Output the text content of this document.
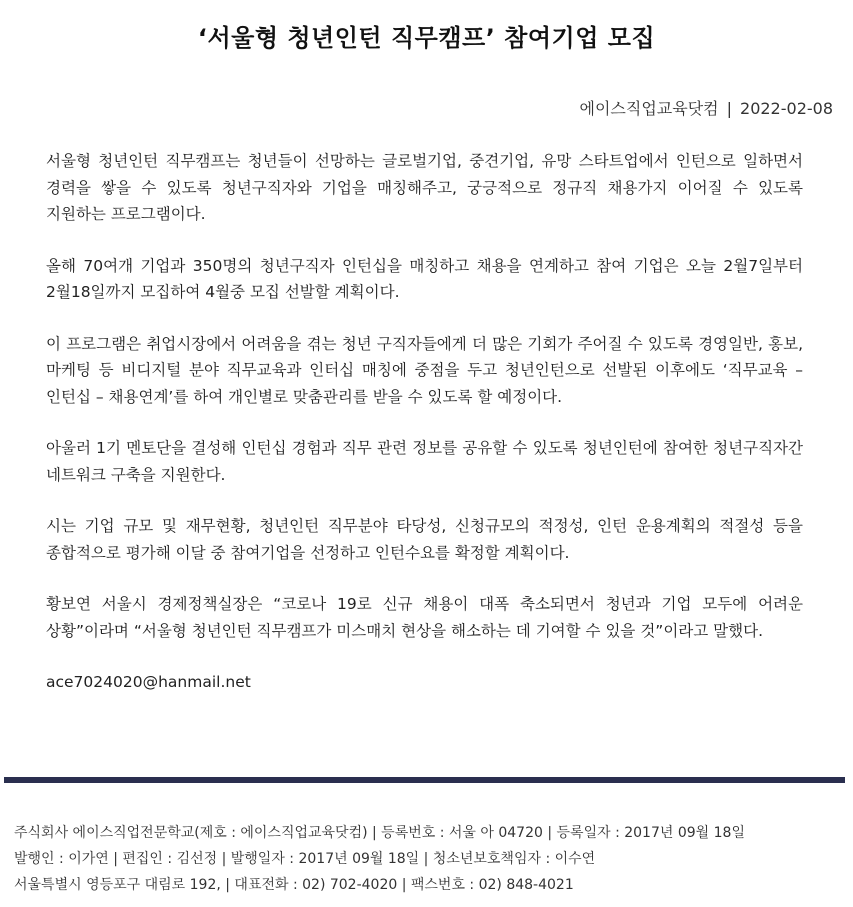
‘서울형 청년인턴 직무캠프’ 참여기업 모집
에이스직업교육닷컴 | 2022-02-08

서울형 청년인턴 직무캠프는 청년들이 선망하는 글로벌기업, 중견기업, 유망 스타트업에서 인턴으로 일하면서 경력을 쌓을 수 있도록 청년구직자와 기업을 매칭해주고, 궁긍적으로 정규직 채용가지 이어질 수 있도록 지원하는 프로그램이다.

올해 70여개 기업과 350명의 청년구직자 인턴십을 매칭하고 채용을 연계하고 참여 기업은 오늘 2월7일부터 2월18일까지 모집하여 4월중 모집 선발할 계획이다.

이 프로그램은 취업시장에서 어려움을 겪는 청년 구직자들에게 더 많은 기회가 주어질 수 있도록 경영일반, 홍보, 마케팅 등 비디지털 분야 직무교육과 인터십 매칭에 중점을 두고 청년인턴으로 선발된 이후에도 ‘직무교육 – 인턴십 – 채용연계’를 하여 개인별로 맞춤관리를 받을 수 있도록 할 예정이다.

아울러 1기 멘토단을 결성해 인턴십 경험과 직무 관련 정보를 공유할 수 있도록 청년인턴에 참여한 청년구직자간 네트워크 구축을 지원한다.

시는 기업 규모 및 재무현황, 청년인턴 직무분야 타당성, 신청규모의 적정성, 인턴 운용계획의 적절성 등을 종합적으로 평가해 이달 중 참여기업을 선정하고 인턴수요를 확정할 계획이다.

황보연 서울시 경제정책실장은 “코로나 19로 신규 채용이 대폭 축소되면서 청년과 기업 모두에 어려운 상황”이라며 “서울형 청년인턴 직무캠프가 미스매치 현상을 해소하는 데 기여할 수 있을 것”이라고 말했다.

ace7024020@hanmail.net

주식회사 에이스직업전문학교(제호 : 에이스직업교육닷컴) | 등록번호 : 서울 아 04720 | 등록일자 : 2017년 09월 18일
발행인 : 이가연 | 편집인 : 김선정 | 발행일자 : 2017년 09월 18일 | 청소년보호책임자 : 이수연
서울특별시 영등포구 대림로 192, | 대표전화 : 02) 702-4020 | 팩스번호 : 02) 848-4021
